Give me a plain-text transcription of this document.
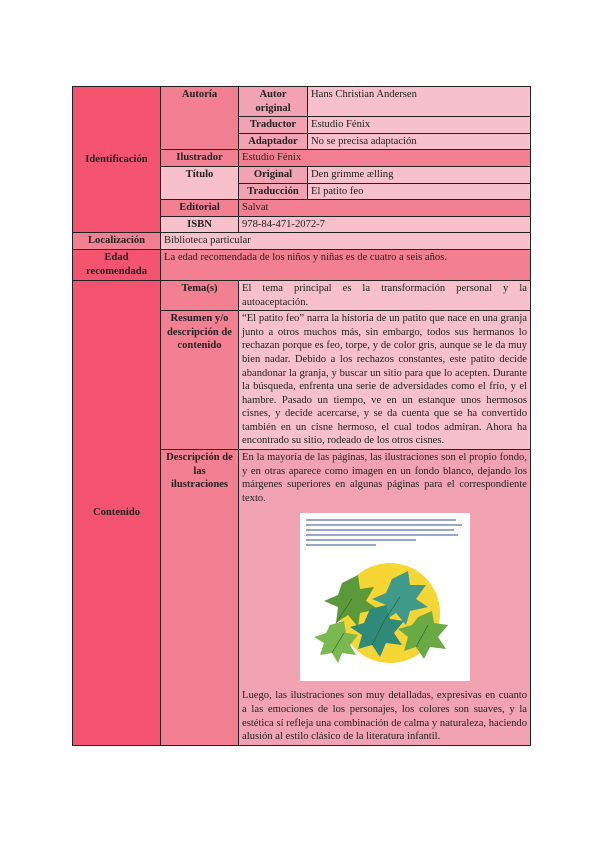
Identificación	Autoría	Autor original	Hans Christian Andersen
		Traductor	Estudio Fénix
		Adaptador	No se precisa adaptación
	Ilustrador	Estudio Fénix	
	Título	Original	Den grimme ælling
		Traducción	El patito feo
	Editorial	Salvat	
	ISBN	978-84-471-2072-7	
Localización	Biblioteca particular		
Edad recomendada	La edad recomendada de los niños y niñas es de cuatro a seis años.		
Contenido	Tema(s)	El tema principal es la transformación personal y la autoaceptación.	
	Resumen y/o descripción de contenido	“El patito feo” narra la historia de un patito que nace en una granja junto a otros muchos más, sin embargo, todos sus hermanos lo rechazan porque es feo, torpe, y de color gris, aunque se le da muy bien nadar. Debido a los rechazos constantes, este patito decide abandonar la granja, y buscar un sitio para que lo acepten. Durante la búsqueda, enfrenta una serie de adversidades como el frío, y el hambre. Pasado un tiempo, ve en un estanque unos hermosos cisnes, y decide acercarse, y se da cuenta que se ha convertido también en un cisne hermoso, el cual todos admiran. Ahora ha encontrado su sitio, rodeado de los otros cisnes.	
	Descripción de las ilustraciones	En la mayoría de las páginas, las ilustraciones son el propio fondo, y en otras aparece como imagen en un fondo blanco, dejando los márgenes superiores en algunas páginas para el correspondiente texto.
Luego, las ilustraciones son muy detalladas, expresivas en cuanto a las emociones de los personajes, los colores son suaves, y la estética sí refleja una combinación de calma y naturaleza, haciendo alusión al estilo clásico de la literatura infantil.	
